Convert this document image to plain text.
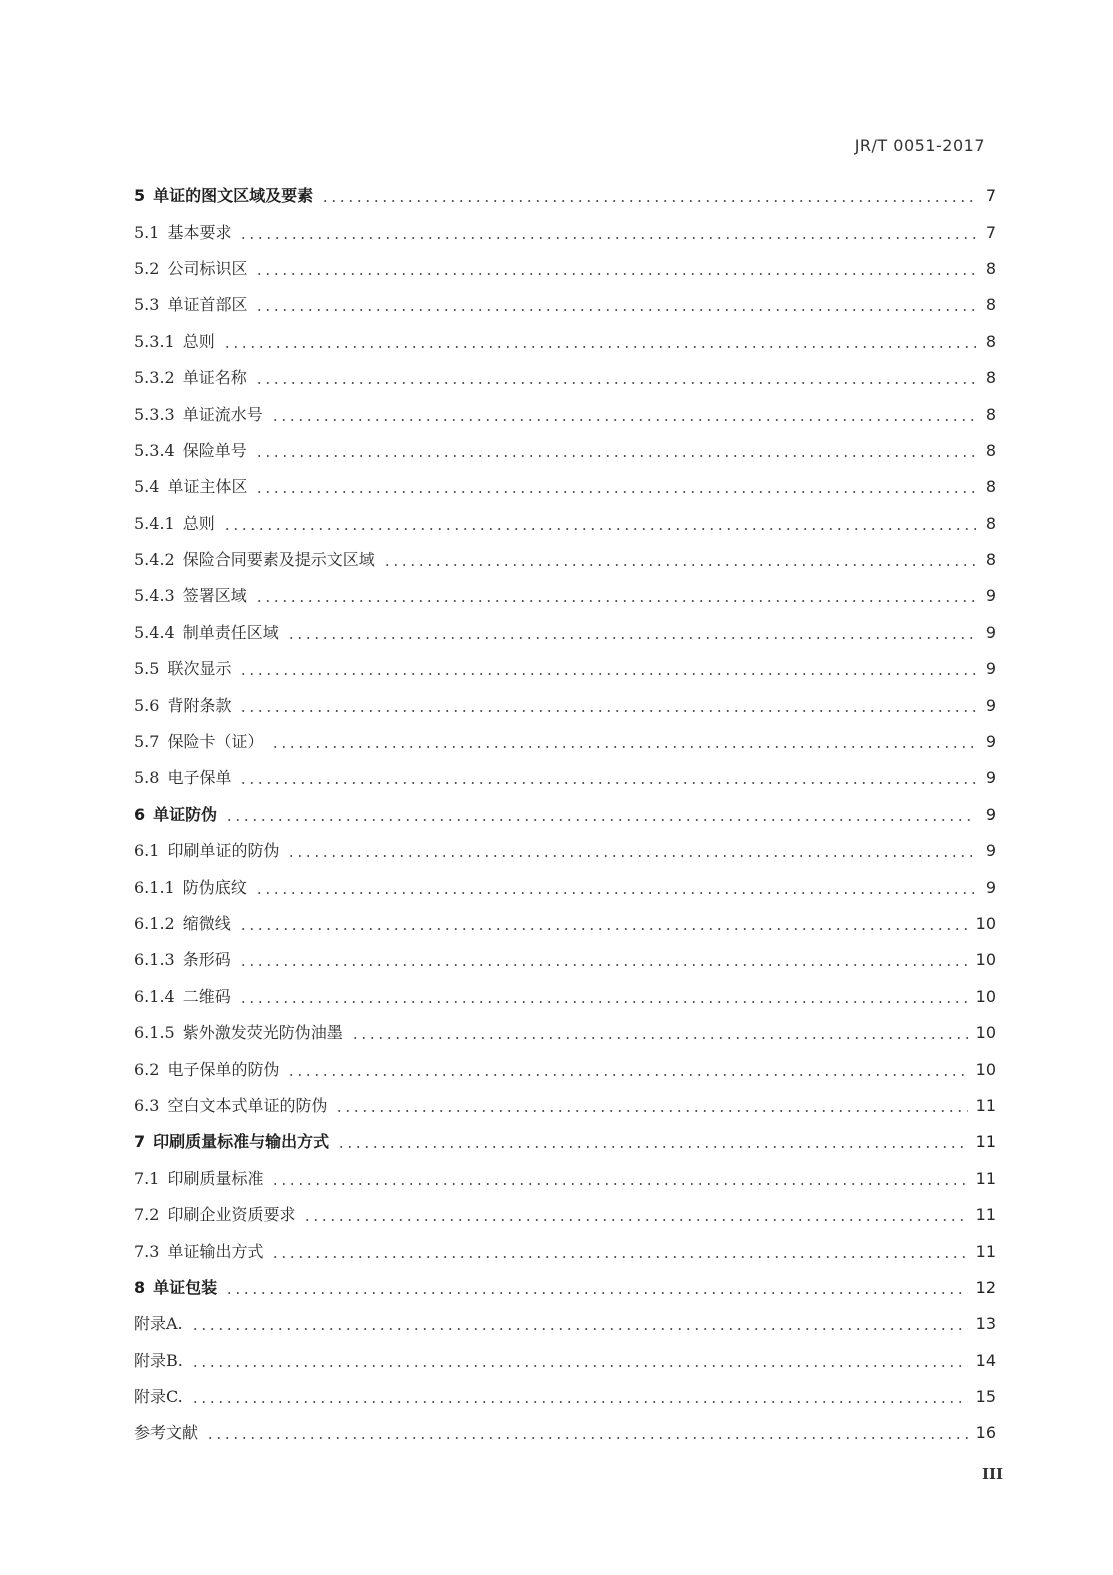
JR/T 0051-2017
5 单证的图文区域及要素	7
5.1 基本要求	7
5.2 公司标识区	8
5.3 单证首部区	8
5.3.1 总则	8
5.3.2 单证名称	8
5.3.3 单证流水号	8
5.3.4 保险单号	8
5.4 单证主体区	8
5.4.1 总则	8
5.4.2 保险合同要素及提示文区域	8
5.4.3 签署区域	9
5.4.4 制单责任区域	9
5.5 联次显示	9
5.6 背附条款	9
5.7 保险卡（证）	9
5.8 电子保单	9
6 单证防伪	9
6.1 印刷单证的防伪	9
6.1.1 防伪底纹	9
6.1.2 缩微线	10
6.1.3 条形码	10
6.1.4 二维码	10
6.1.5 紫外激发荧光防伪油墨	10
6.2 电子保单的防伪	10
6.3 空白文本式单证的防伪	11
7 印刷质量标准与输出方式	11
7.1 印刷质量标准	11
7.2 印刷企业资质要求	11
7.3 单证输出方式	11
8 单证包装	12
附录A.	13
附录B.	14
附录C.	15
参考文献	16
III
